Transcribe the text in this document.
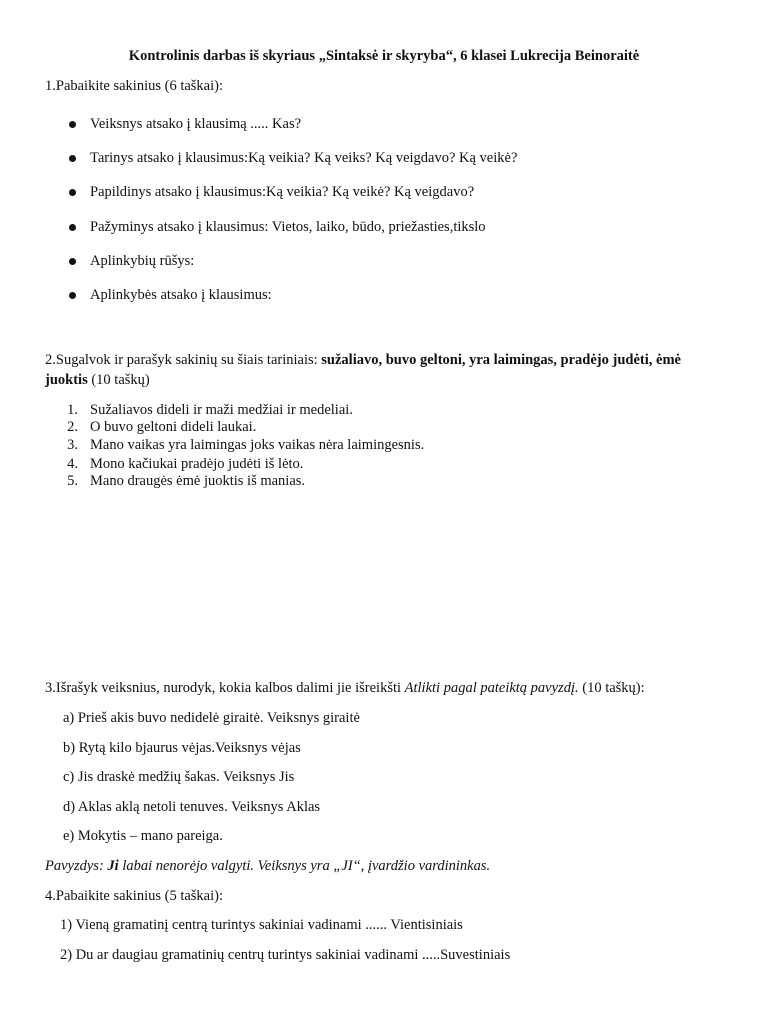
Kontrolinis darbas iš skyriaus „Sintaksė ir skyryba“, 6 klasei Lukrecija Beinoraitė
1.Pabaikite sakinius (6 taškai):
Veiksnys atsako į klausimą ..... Kas?
Tarinys atsako į klausimus:Ką veikia? Ką veiks? Ką veigdavo? Ką veikė?
Papildinys atsako į klausimus:Ką veikia? Ką veikė? Ką veigdavo?
Pažyminys atsako į klausimus: Vietos, laiko, būdo, priežasties,tikslo
Aplinkybių rūšys:
Aplinkybės atsako į klausimus:
2.Sugalvok ir parašyk sakinių su šiais tariniais: sužaliavo, buvo geltoni, yra laimingas, pradėjo judėti, ėmė
juoktis (10 taškų)
1. Sužaliavos dideli ir maži medžiai ir medeliai.
2. O buvo geltoni dideli laukai.
3. Mano vaikas yra laimingas joks vaikas nėra laimingesnis.
4. Mono kačiukai pradėjo judėti iš lėto.
5. Mano draugės ėmė juoktis iš manias.
3.Išrašyk veiksnius, nurodyk, kokia kalbos dalimi jie išreikšti Atlikti pagal pateiktą pavyzdį. (10 taškų):
a) Prieš akis buvo nedidelė giraitė. Veiksnys giraitė
b) Rytą kilo bjaurus vėjas.Veiksnys vėjas
c) Jis draskė medžių šakas. Veiksnys Jis
d) Aklas aklą netoli tenuves. Veiksnys Aklas
e) Mokytis – mano pareiga.
Pavyzdys: Ji labai nenorėjo valgyti. Veiksnys yra „JI“, įvardžio vardininkas.
4.Pabaikite sakinius (5 taškai):
1) Vieną gramatinį centrą turintys sakiniai vadinami ...... Vientisiniais
2) Du ar daugiau gramatinių centrų turintys sakiniai vadinami .....Suvestiniais
